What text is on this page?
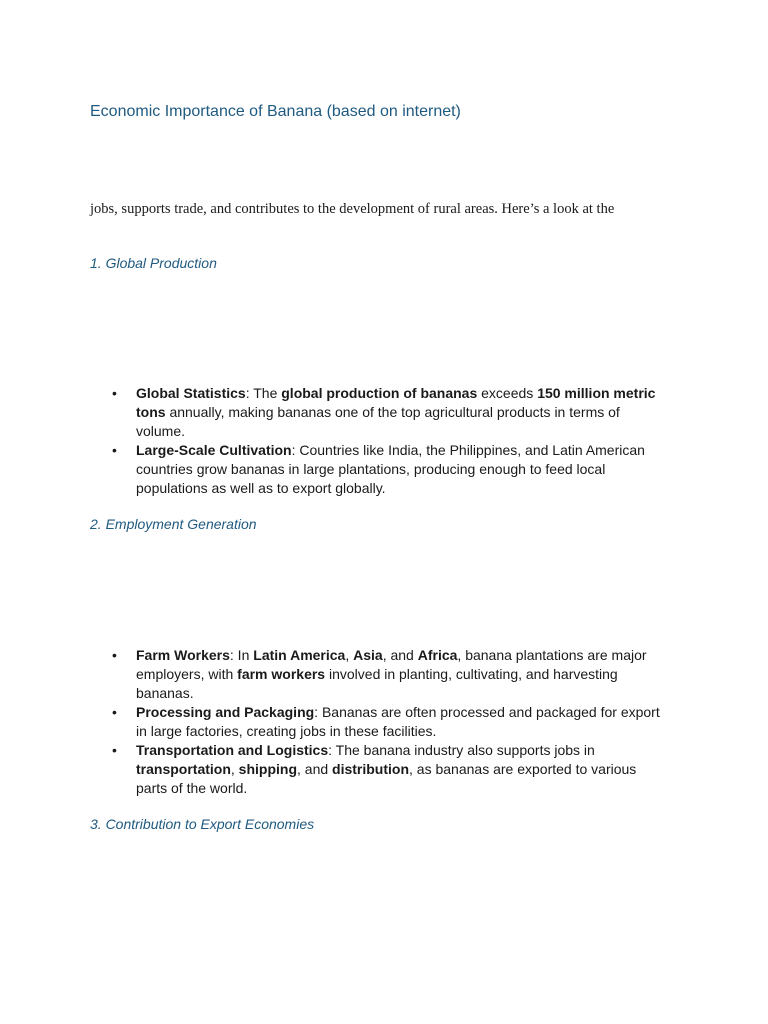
Economic Importance of Banana (based on internet)

jobs, supports trade, and contributes to the development of rural areas. Here’s a look at the

1. Global Production
• Global Statistics: The global production of bananas exceeds 150 million metric tons annually, making bananas one of the top agricultural products in terms of volume.
• Large-Scale Cultivation: Countries like India, the Philippines, and Latin American countries grow bananas in large plantations, producing enough to feed local populations as well as to export globally.
2. Employment Generation
• Farm Workers: In Latin America, Asia, and Africa, banana plantations are major employers, with farm workers involved in planting, cultivating, and harvesting bananas.
• Processing and Packaging: Bananas are often processed and packaged for export in large factories, creating jobs in these facilities.
• Transportation and Logistics: The banana industry also supports jobs in transportation, shipping, and distribution, as bananas are exported to various parts of the world.
3. Contribution to Export Economies
